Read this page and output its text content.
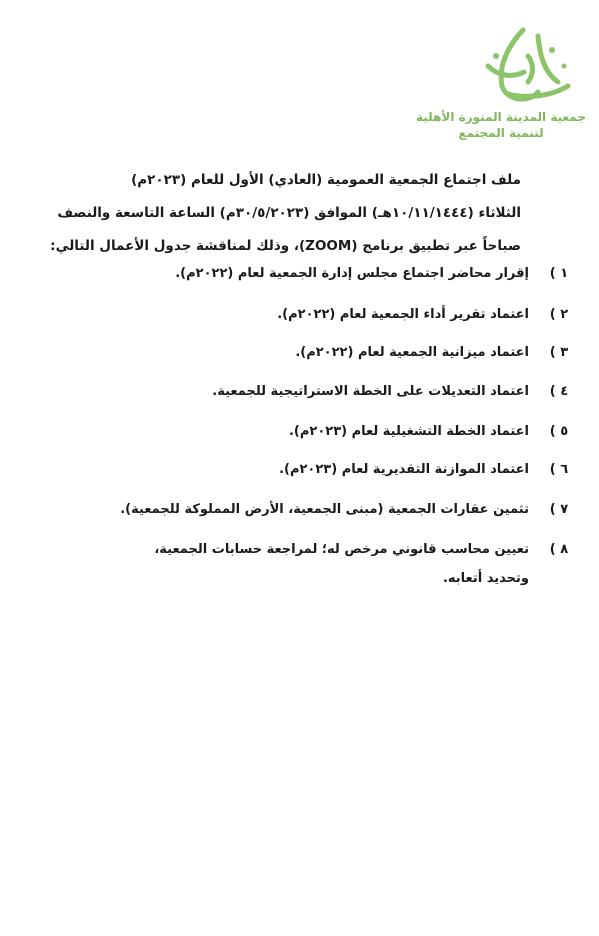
جمعية المدينة المنورة الأهلية
لتنمية المجتمع
ملف اجتماع الجمعية العمومية (العادي) الأول للعام (٢٠٢٣م)
الثلاثاء (١٠/١١/١٤٤٤هـ) الموافق (٣٠/٥/٢٠٢٣م) الساعة التاسعة والنصف
صباحاً عبر تطبيق برنامج (ZOOM)، وذلك لمناقشة جدول الأعمال التالي:
١ )
إقرار محاضر اجتماع مجلس إدارة الجمعية لعام (٢٠٢٢م).
٢ )
اعتماد تقرير أداء الجمعية لعام (٢٠٢٢م).
٣ )
اعتماد ميزانية الجمعية لعام (٢٠٢٢م).
٤ )
اعتماد التعديلات على الخطة الاستراتيجية للجمعية.
٥ )
اعتماد الخطة التشغيلية لعام (٢٠٢٣م).
٦ )
اعتماد الموازنة التقديرية لعام (٢٠٢٣م).
٧ )
تثمين عقارات الجمعية (مبنى الجمعية، الأرض المملوكة للجمعية).
٨ )
تعيين محاسب قانوني مرخص له؛ لمراجعة حسابات الجمعية،
وتحديد أتعابه.
